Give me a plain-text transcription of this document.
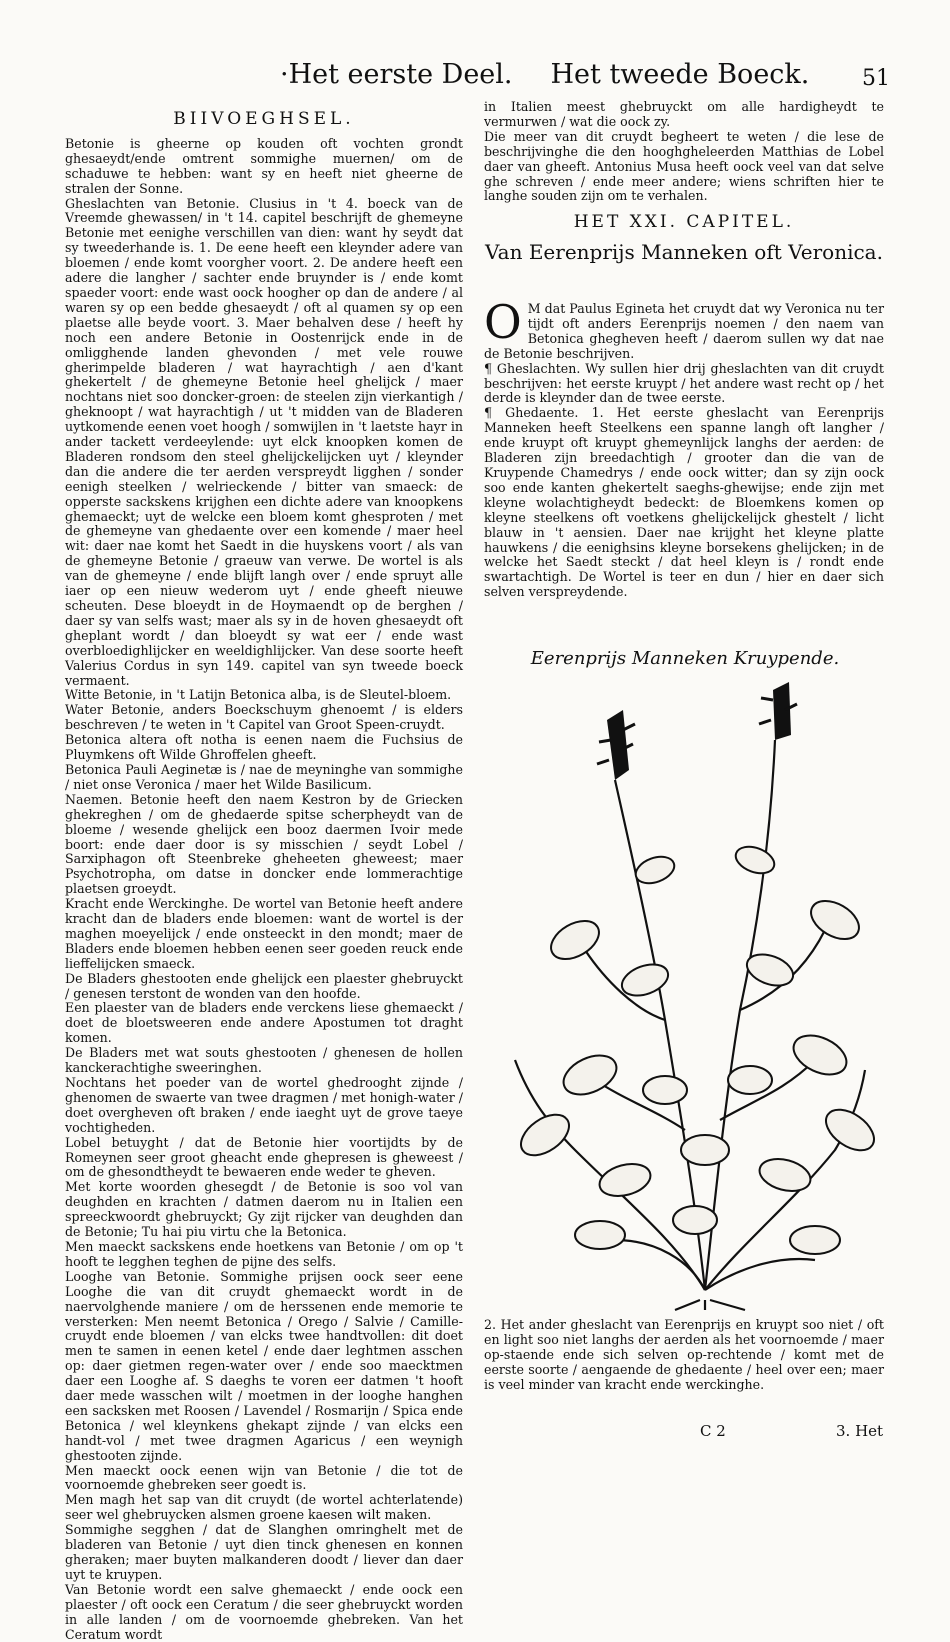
·Het eerste Deel. Het tweede Boeck. 51
BIIVOEGHSEL.

Betonie is gheerne op kouden oft vochten grondt ghesaeydt/ende omtrent sommighe muernen/ om de schaduwe te hebben: want sy en heeft niet gheerne de stralen der Sonne.

Gheslachten van Betonie. Clusius in 't 4. boeck van de Vreemde ghewassen/ in 't 14. capitel beschrijft de ghemeyne Betonie met eenighe verschillen van dien: want hy seydt dat sy tweederhande is. 1. De eene heeft een kleynder adere van bloemen / ende komt voorgher voort. 2. De andere heeft een adere die langher / sachter ende bruynder is / ende komt spaeder voort: ende wast oock hoogher op dan de andere / al waren sy op een bedde ghesaeydt / oft al quamen sy op een plaetse alle beyde voort. 3. Maer behalven dese / heeft hy noch een andere Betonie in Oostenrijck ende in de omligghende landen ghevonden / met vele rouwe gherimpelde bladeren / wat hayrachtigh / aen d'kant ghekertelt / de ghemeyne Betonie heel ghelijck / maer nochtans niet soo doncker-groen: de steelen zijn vierkantigh / gheknoopt / wat hayrachtigh / ut 't midden van de Bladeren uytkomende eenen voet hoogh / somwijlen in 't laetste hayr in ander tackett verdeeylende: uyt elck knoopken komen de Bladeren rondsom den steel ghelijckelijcken uyt / kleynder dan die andere die ter aerden verspreydt ligghen / sonder eenigh steelken / welrieckende / bitter van smaeck: de opperste sackskens krijghen een dichte adere van knoopkens ghemaeckt; uyt de welcke een bloem komt ghesproten / met de ghemeyne van ghedaente over een komende / maer heel wit: daer nae komt het Saedt in die huyskens voort / als van de ghemeyne Betonie / graeuw van verwe. De wortel is als van de ghemeyne / ende blijft langh over / ende spruyt alle iaer op een nieuw wederom uyt / ende gheeft nieuwe scheuten. Dese bloeydt in de Hoymaendt op de berghen / daer sy van selfs wast; maer als sy in de hoven ghesaeydt oft gheplant wordt / dan bloeydt sy wat eer / ende wast overbloedighlijcker en weeldighlijcker. Van dese soorte heeft Valerius Cordus in syn 149. capitel van syn tweede boeck vermaent.

Witte Betonie, in 't Latijn Betonica alba, is de Sleutel-bloem.

Water Betonie, anders Boeckschuym ghenoemt / is elders beschreven / te weten in 't Capitel van Groot Speen-cruydt.

Betonica altera oft notha is eenen naem die Fuchsius de Pluymkens oft Wilde Ghroffelen gheeft.

Betonica Pauli Aeginetæ is / nae de meyninghe van sommighe / niet onse Veronica / maer het Wilde Basilicum.

Naemen. Betonie heeft den naem Kestron by de Griecken ghekreghen / om de ghedaerde spitse scherpheydt van de bloeme / wesende ghelijck een booz daermen Ivoir mede boort: ende daer door is sy misschien / seydt Lobel / Sarxiphagon oft Steenbreke gheheeten gheweest; maer Psychotropha, om datse in doncker ende lommerachtige plaetsen groeydt.

Kracht ende Werckinghe. De wortel van Betonie heeft andere kracht dan de bladers ende bloemen: want de wortel is der maghen moeyelijck / ende onsteeckt in den mondt; maer de Bladers ende bloemen hebben eenen seer goeden reuck ende lieffelijcken smaeck.

De Bladers ghestooten ende ghelijck een plaester ghebruyckt / genesen terstont de wonden van den hoofde.

Een plaester van de bladers ende verckens liese ghemaeckt / doet de bloetsweeren ende andere Apostumen tot draght komen.

De Bladers met wat souts ghestooten / ghenesen de hollen kanckerachtighe sweeringhen.

Nochtans het poeder van de wortel ghedrooght zijnde / ghenomen de swaerte van twee dragmen / met honigh-water / doet overgheven oft braken / ende iaeght uyt de grove taeye vochtigheden.

Lobel betuyght / dat de Betonie hier voortijdts by de Romeynen seer groot gheacht ende ghepresen is gheweest / om de ghesondtheydt te bewaeren ende weder te gheven.

Met korte woorden ghesegdt / de Betonie is soo vol van deughden en krachten / datmen daerom nu in Italien een spreeckwoordt ghebruyckt; Gy zijt rijcker van deughden dan de Betonie; Tu hai piu virtu che la Betonica.

Men maeckt sackskens ende hoetkens van Betonie / om op 't hooft te legghen teghen de pijne des selfs.

Looghe van Betonie. Sommighe prijsen oock seer eene Looghe die van dit cruydt ghemaeckt wordt in de naervolghende maniere / om de herssenen ende memorie te versterken: Men neemt Betonica / Orego / Salvie / Camille-cruydt ende bloemen / van elcks twee handtvollen: dit doet men te samen in eenen ketel / ende daer leghtmen asschen op: daer gietmen regen-water over / ende soo maecktmen daer een Looghe af. S daeghs te voren eer datmen 't hooft daer mede wasschen wilt / moetmen in der looghe hanghen een sacksken met Roosen / Lavendel / Rosmarijn / Spica ende Betonica / wel kleynkens ghekapt zijnde / van elcks een handt-vol / met twee dragmen Agaricus / een weynigh ghestooten zijnde.

Men maeckt oock eenen wijn van Betonie / die tot de voornoemde ghebreken seer goedt is.

Men magh het sap van dit cruydt (de wortel achterlatende) seer wel ghebruycken alsmen groene kaesen wilt maken.

Sommighe segghen / dat de Slanghen omringhelt met de bladeren van Betonie / uyt dien tinck ghenesen en konnen gheraken; maer buyten malkanderen doodt / liever dan daer uyt te kruypen.

Van Betonie wordt een salve ghemaeckt / ende oock een plaester / oft oock een Ceratum / die seer ghebruyckt worden in alle landen / om de voornoemde ghebreken. Van het Ceratum wordt

in Italien meest ghebruyckt om alle hardigheydt te vermurwen / wat die oock zy.

Die meer van dit cruydt begheert te weten / die lese de beschrijvinghe die den hooghgheleerden Matthias de Lobel daer van gheeft. Antonius Musa heeft oock veel van dat selve ghe schreven / ende meer andere; wiens schriften hier te langhe souden zijn om te verhalen.

HET XXI. CAPITEL.
Van Eerenprijs Manneken oft Veronica.
O M dat Paulus Egineta het cruydt dat wy Veronica nu ter tijdt oft anders Eerenprijs noemen / den naem van Betonica ghegheven heeft / daerom sullen wy dat nae de Betonie beschrijven.

¶ Gheslachten. Wy sullen hier drij gheslachten van dit cruydt beschrijven: het eerste kruypt / het andere wast recht op / het derde is kleynder dan de twee eerste.

¶ Ghedaente. 1. Het eerste gheslacht van Eerenprijs Manneken heeft Steelkens een spanne langh oft langher / ende kruypt oft kruypt ghemeynlijck langhs der aerden: de Bladeren zijn breedachtigh / grooter dan die van de Kruypende Chamedrys / ende oock witter; dan sy zijn oock soo ende kanten ghekertelt saeghs-ghewijse; ende zijn met kleyne wolachtigheydt bedeckt: de Bloemkens komen op kleyne steelkens oft voetkens ghelijckelijck ghestelt / licht blauw in 't aensien. Daer nae krijght het kleyne platte hauwkens / die eenighsins kleyne borsekens ghelijcken; in de welcke het Saedt steckt / dat heel kleyn is / rondt ende swartachtigh. De Wortel is teer en dun / hier en daer sich selven verspreydende.

Eerenprijs Manneken Kruypende.

2. Het ander gheslacht van Eerenprijs en kruypt soo niet / oft en light soo niet langhs der aerden als het voornoemde / maer op-staende ende sich selven op-rechtende / komt met de eerste soorte / aengaende de ghedaente / heel over een; maer is veel minder van kracht ende werckinghe.

C 2	3. Het
